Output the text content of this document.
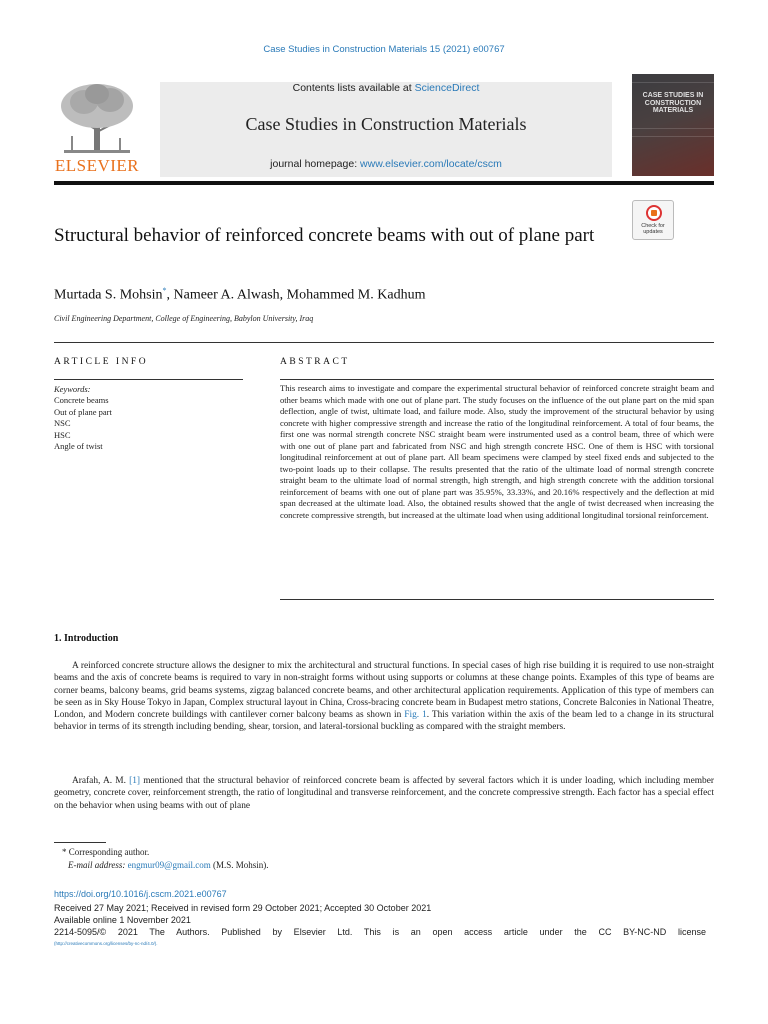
Case Studies in Construction Materials 15 (2021) e00767
ELSEVIER
Contents lists available at ScienceDirect
Case Studies in Construction Materials
journal homepage: www.elsevier.com/locate/cscm
CASE STUDIES IN CONSTRUCTION MATERIALS
Structural behavior of reinforced concrete beams with out of plane part	Check for updates
Murtada S. Mohsin*, Nameer A. Alwash, Mohammed M. Kadhum
Civil Engineering Department, College of Engineering, Babylon University, Iraq
ARTICLE INFO	ABSTRACT
Keywords:
Concrete beams
Out of plane part
NSC
HSC
Angle of twist
This research aims to investigate and compare the experimental structural behavior of reinforced concrete straight beam and other beams which made with one out of plane part. The study focuses on the influence of the out plane part on the mid span deflection, angle of twist, ultimate load, and failure mode. Also, study the improvement of the structural behavior by using concrete with higher compressive strength and increase the ratio of the longitudinal reinforcement. A total of four beams, the first one was normal strength concrete NSC straight beam were instrumented used as a control beam, three of which were with one out of plane part and fabricated from NSC and high strength concrete HSC. One of them is HSC with torsional longitudinal reinforcement at out of plane part. All beam specimens were clamped by steel fixed ends and subjected to the two-point loads up to their collapse. The results presented that the ratio of the ultimate load of normal strength concrete straight beam to the ultimate load of normal strength, high strength, and high strength concrete with the addition torsional reinforcement of beams with one out of plane part was 35.95%, 33.33%, and 20.16% respectively and the deflection at mid span decreased at the ultimate load. Also, the obtained results showed that the angle of twist decreased when increasing the concrete compressive strength, but increased at the ultimate load when using additional longitudinal torsional reinforcement.
1. Introduction
A reinforced concrete structure allows the designer to mix the architectural and structural functions. In special cases of high rise building it is required to use non-straight beams and the axis of concrete beams is required to vary in non-straight forms without using supports or columns at these change points. Examples of this type of beams are corner beams, balcony beams, grid beams systems, zigzag balanced concrete beams, and other architectural application requirements. Application of this type of members can be seen as in Sky House Tokyo in Japan, Complex structural layout in China, Cross-bracing concrete beam in Budapest metro stations, Concrete Balconies in National Theatre, London, and Modern concrete buildings with cantilever corner balcony beams as shown in Fig. 1. This variation within the axis of the beam led to a change in its structural behavior in terms of its strength including bending, shear, torsion, and lateral-torsional buckling as compared with the straight members.
Arafah, A. M. [1] mentioned that the structural behavior of reinforced concrete beam is affected by several factors which it is under loading, which including member geometry, concrete cover, reinforcement strength, the ratio of longitudinal and transverse reinforcement, and the concrete compressive strength. Each factor has a special effect on the behavior when using beams with out of plane
* Corresponding author.
E-mail address: engmur09@gmail.com (M.S. Mohsin).
https://doi.org/10.1016/j.cscm.2021.e00767
Received 27 May 2021; Received in revised form 29 October 2021; Accepted 30 October 2021
Available online 1 November 2021
2214-5095/© 2021 The Authors. Published by Elsevier Ltd. This is an open access article under the CC BY-NC-ND license
(http://creativecommons.org/licenses/by-nc-nd/4.0/).
